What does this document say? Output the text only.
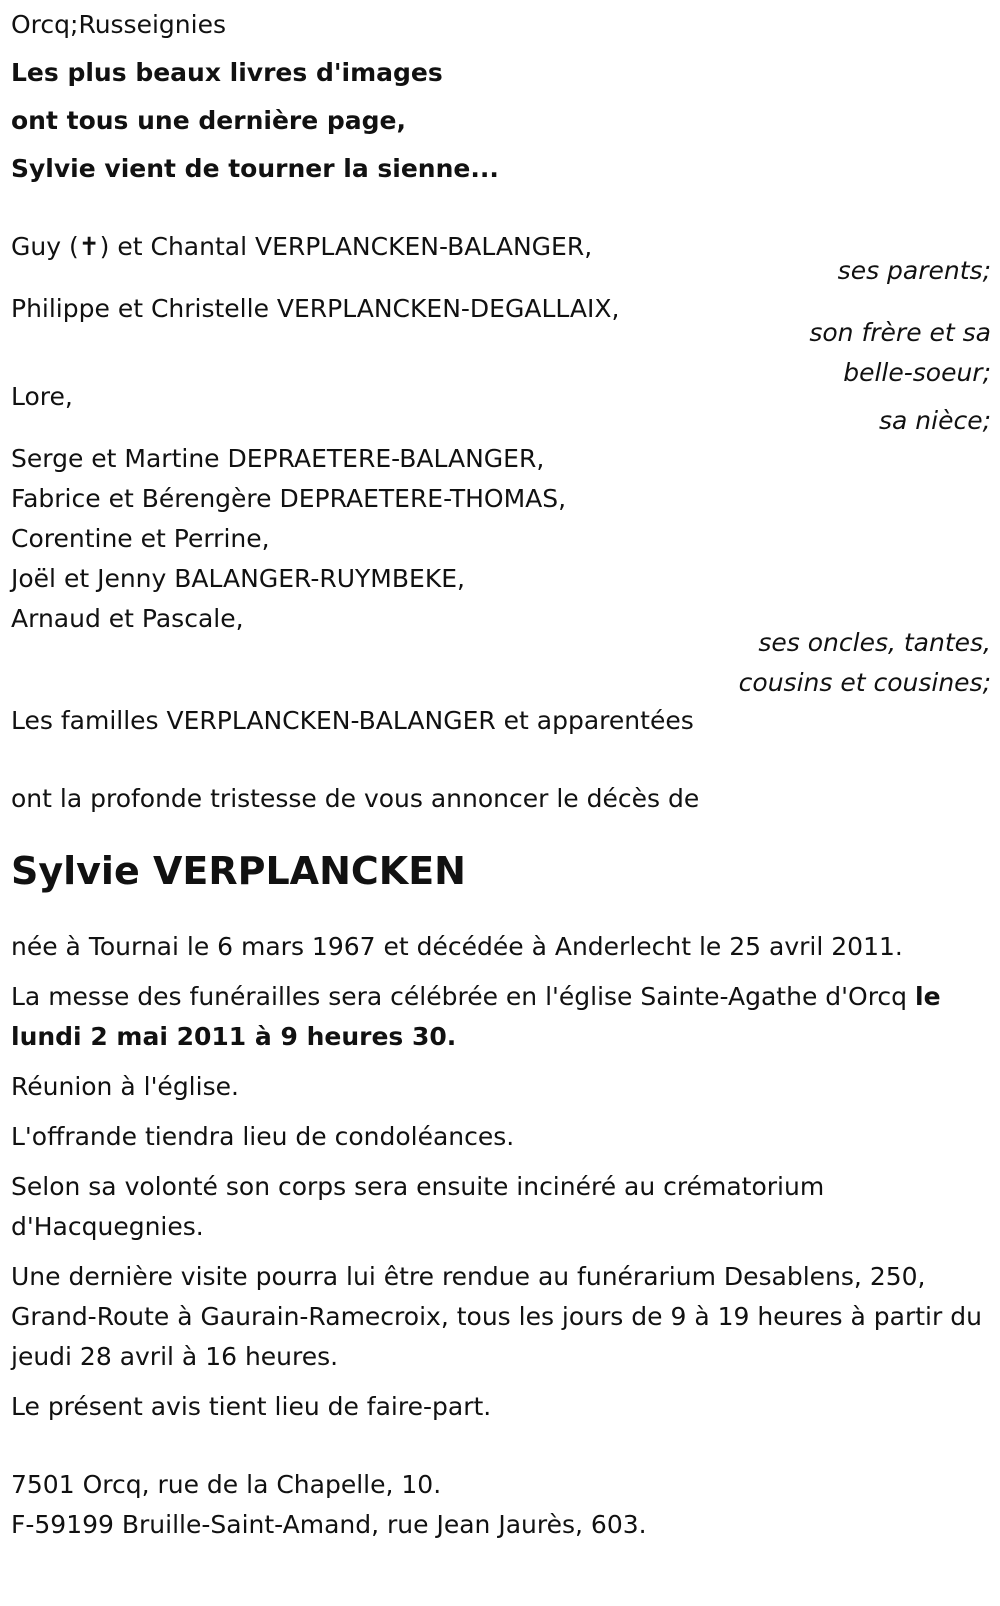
Orcq;Russeignies
Les plus beaux livres d'images
ont tous une dernière page,
Sylvie vient de tourner la sienne...
Guy (✝) et Chantal VERPLANCKEN-BALANGER,
ses parents;
Philippe et Christelle VERPLANCKEN-DEGALLAIX,
son frère et sa
belle-soeur;
Lore,
sa nièce;
Serge et Martine DEPRAETERE-BALANGER,
Fabrice et Bérengère DEPRAETERE-THOMAS,
Corentine et Perrine,
Joël et Jenny BALANGER-RUYMBEKE,
Arnaud et Pascale,
ses oncles, tantes,
cousins et cousines;
Les familles VERPLANCKEN-BALANGER et apparentées
ont la profonde tristesse de vous annoncer le décès de
Sylvie VERPLANCKEN

née à Tournai le 6 mars 1967 et décédée à Anderlecht le 25 avril 2011.

La messe des funérailles sera célébrée en l'église Sainte-Agathe d'Orcq le lundi 2 mai 2011 à 9 heures 30.

Réunion à l'église.

L'offrande tiendra lieu de condoléances.

Selon sa volonté son corps sera ensuite incinéré au crématorium d'Hacquegnies.

Une dernière visite pourra lui être rendue au funérarium Desablens, 250, Grand-Route à Gaurain-Ramecroix, tous les jours de 9 à 19 heures à partir du jeudi 28 avril à 16 heures.

Le présent avis tient lieu de faire-part.

7501 Orcq, rue de la Chapelle, 10.
F-59199 Bruille-Saint-Amand, rue Jean Jaurès, 603.
